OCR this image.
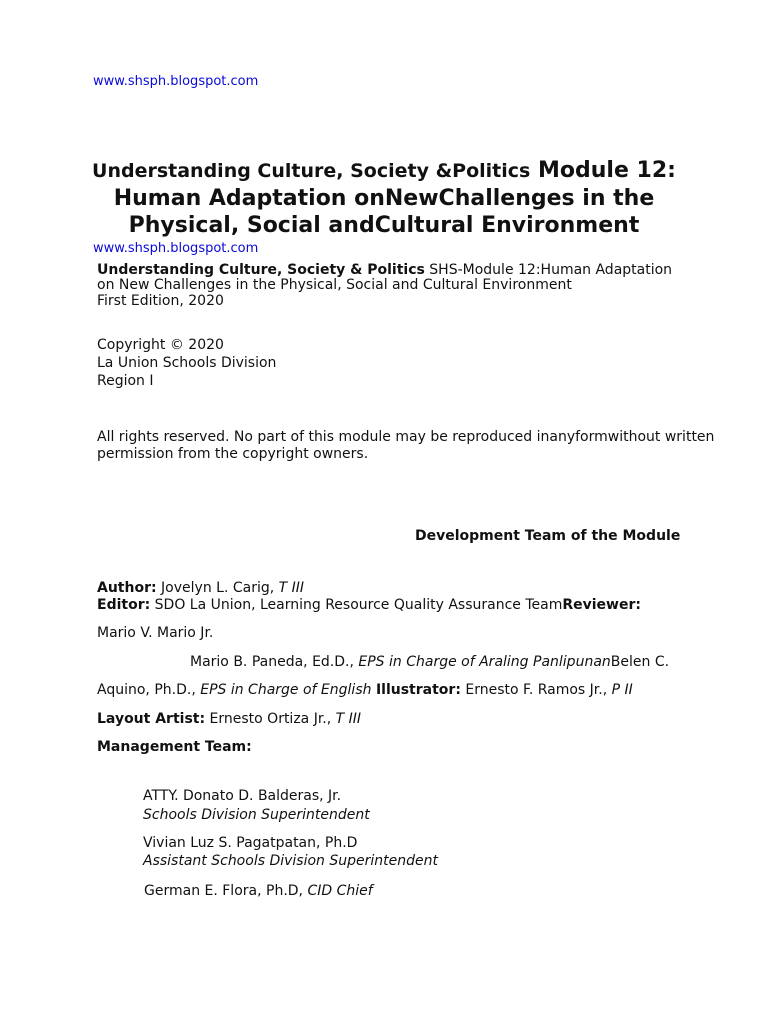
www.shsph.blogspot.com
Understanding Culture, Society &Politics Module 12:
Human Adaptation onNewChallenges in the
Physical, Social andCultural Environment
www.shsph.blogspot.com
Understanding Culture, Society & Politics SHS-Module 12:Human Adaptation
on New Challenges in the Physical, Social and Cultural Environment
First Edition, 2020
Copyright © 2020
La Union Schools Division
Region I
All rights reserved. No part of this module may be reproduced inanyformwithout written
permission from the copyright owners.
Development Team of the Module
Author: Jovelyn L. Carig, T III
Editor: SDO La Union, Learning Resource Quality Assurance TeamReviewer:
Mario V. Mario Jr.
Mario B. Paneda, Ed.D., EPS in Charge of Araling PanlipunanBelen C.
Aquino, Ph.D., EPS in Charge of English Illustrator: Ernesto F. Ramos Jr., P II
Layout Artist: Ernesto Ortiza Jr., T III
Management Team:
ATTY. Donato D. Balderas, Jr.
Schools Division Superintendent
Vivian Luz S. Pagatpatan, Ph.D
Assistant Schools Division Superintendent
German E. Flora, Ph.D, CID Chief
